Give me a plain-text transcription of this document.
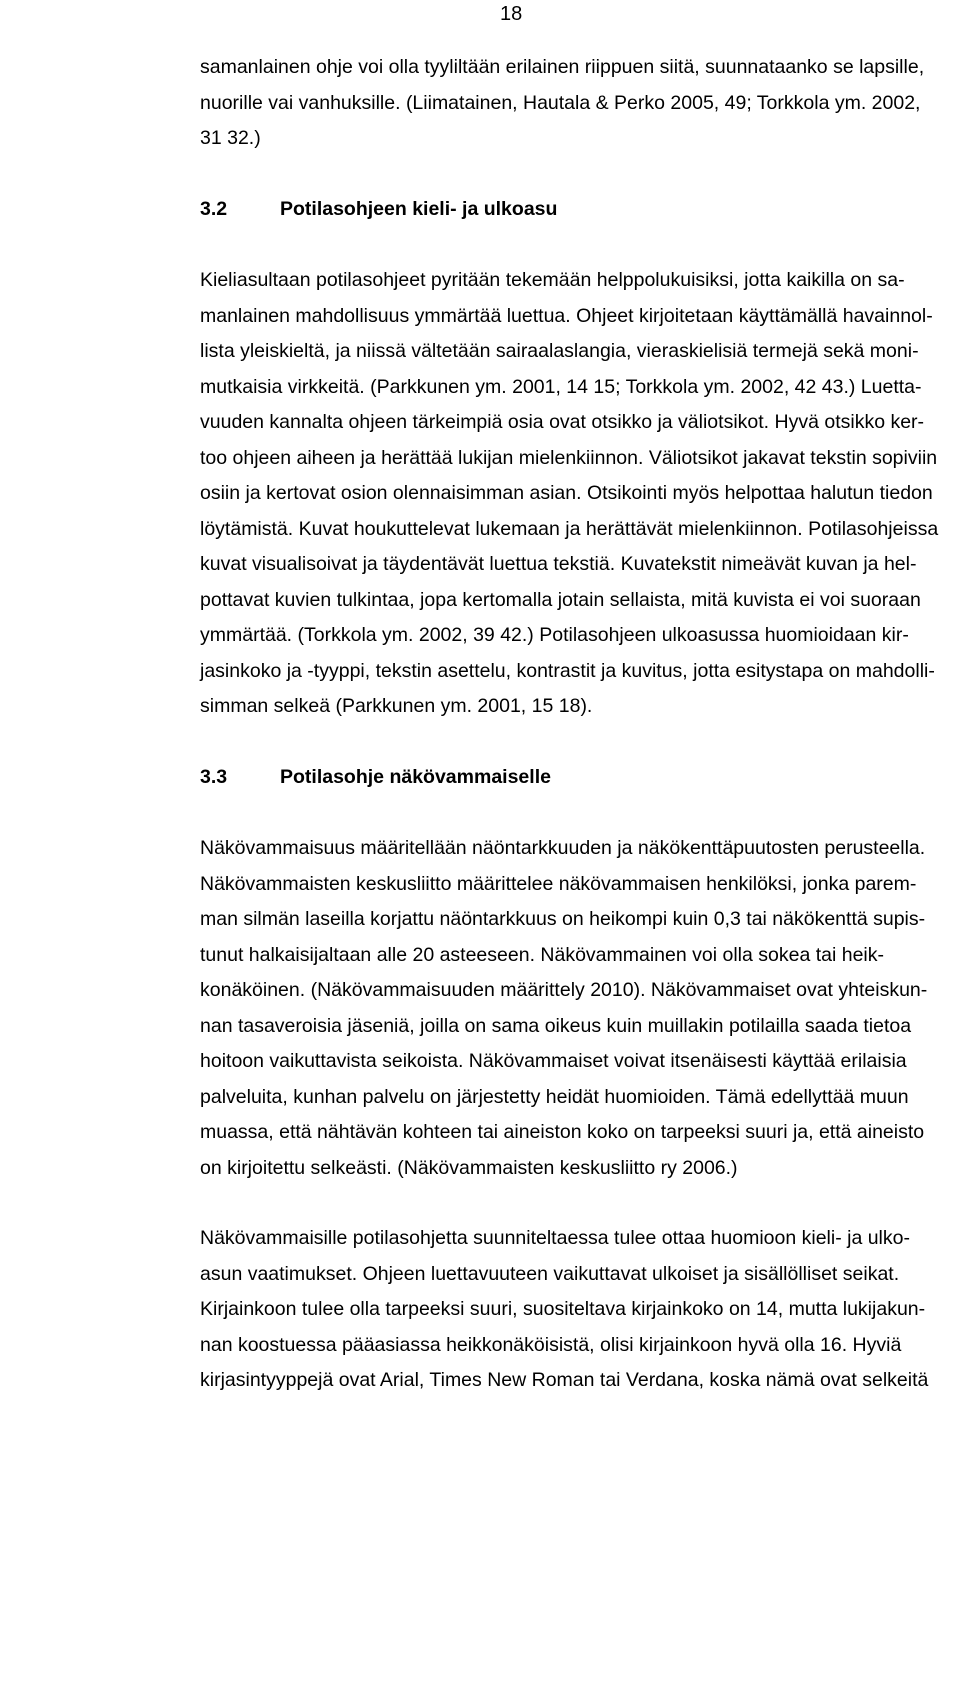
18

samanlainen ohje voi olla tyyliltään erilainen riippuen siitä, suunnataanko se lapsille,
nuorille vai vanhuksille. (Liimatainen, Hautala & Perko 2005, 49; Torkkola ym. 2002,
31 32.)

3.2	Potilasohjeen kieli- ja ulkoasu

Kieliasultaan potilasohjeet pyritään tekemään helppolukuisiksi, jotta kaikilla on sa-
manlainen mahdollisuus ymmärtää luettua. Ohjeet kirjoitetaan käyttämällä havainnol-
lista yleiskieltä, ja niissä vältetään sairaalaslangia, vieraskielisiä termejä sekä moni-
mutkaisia virkkeitä. (Parkkunen ym. 2001, 14 15; Torkkola ym. 2002, 42 43.) Luetta-
vuuden kannalta ohjeen tärkeimpiä osia ovat otsikko ja väliotsikot. Hyvä otsikko ker-
too ohjeen aiheen ja herättää lukijan mielenkiinnon. Väliotsikot jakavat tekstin sopiviin
osiin ja kertovat osion olennaisimman asian. Otsikointi myös helpottaa halutun tiedon
löytämistä. Kuvat houkuttelevat lukemaan ja herättävät mielenkiinnon. Potilasohjeissa
kuvat visualisoivat ja täydentävät luettua tekstiä. Kuvatekstit nimeävät kuvan ja hel-
pottavat kuvien tulkintaa, jopa kertomalla jotain sellaista, mitä kuvista ei voi suoraan
ymmärtää. (Torkkola ym. 2002, 39 42.) Potilasohjeen ulkoasussa huomioidaan kir-
jasinkoko ja -tyyppi, tekstin asettelu, kontrastit ja kuvitus, jotta esitystapa on mahdolli-
simman selkeä (Parkkunen ym. 2001, 15 18).

3.3	Potilasohje näkövammaiselle

Näkövammaisuus määritellään näöntarkkuuden ja näkökenttäpuutosten perusteella.
Näkövammaisten keskusliitto määrittelee näkövammaisen henkilöksi, jonka parem-
man silmän laseilla korjattu näöntarkkuus on heikompi kuin 0,3 tai näkökenttä supis-
tunut halkaisijaltaan alle 20 asteeseen. Näkövammainen voi olla sokea tai heik-
konäköinen. (Näkövammaisuuden määrittely 2010). Näkövammaiset ovat yhteiskun-
nan tasaveroisia jäseniä, joilla on sama oikeus kuin muillakin potilailla saada tietoa
hoitoon vaikuttavista seikoista. Näkövammaiset voivat itsenäisesti käyttää erilaisia
palveluita, kunhan palvelu on järjestetty heidät huomioiden. Tämä edellyttää muun
muassa, että nähtävän kohteen tai aineiston koko on tarpeeksi suuri ja, että aineisto
on kirjoitettu selkeästi. (Näkövammaisten keskusliitto ry 2006.)

Näkövammaisille potilasohjetta suunniteltaessa tulee ottaa huomioon kieli- ja ulko-
asun vaatimukset. Ohjeen luettavuuteen vaikuttavat ulkoiset ja sisällölliset seikat.
Kirjainkoon tulee olla tarpeeksi suuri, suositeltava kirjainkoko on 14, mutta lukijakun-
nan koostuessa pääasiassa heikkonäköisistä, olisi kirjainkoon hyvä olla 16. Hyviä
kirjasintyyppejä ovat Arial, Times New Roman tai Verdana, koska nämä ovat selkeitä
